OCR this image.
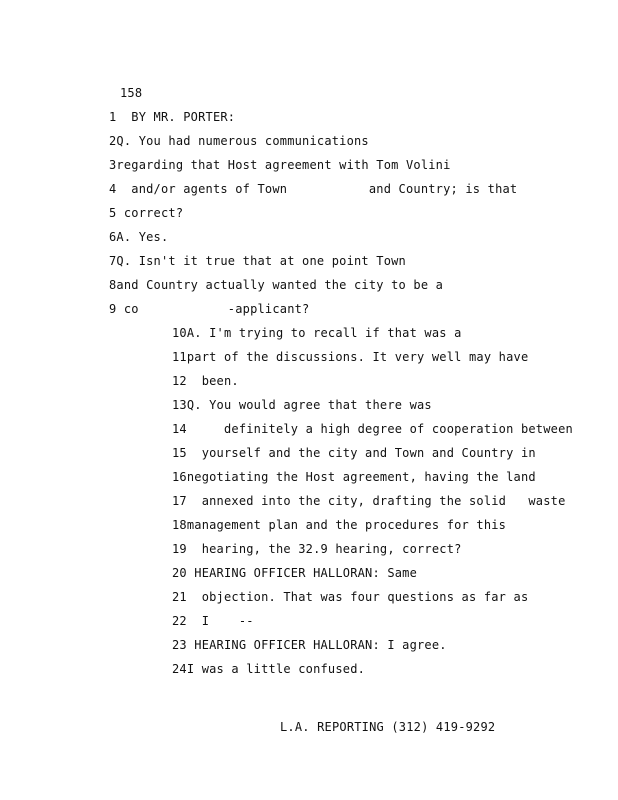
158
1  BY MR. PORTER:
2Q. You had numerous communications
3regarding that Host agreement with Tom Volini
4  and/or agents of Town           and Country; is that
5 correct?
6A. Yes.
7Q. Isn't it true that at one point Town
8and Country actually wanted the city to be a
9 co            -applicant?
10A. I'm trying to recall if that was a
11part of the discussions. It very well may have
12  been.
13Q. You would agree that there was
14     definitely a high degree of cooperation between
15  yourself and the city and Town and Country in
16negotiating the Host agreement, having the land
17  annexed into the city, drafting the solid   waste
18management plan and the procedures for this
19  hearing, the 32.9 hearing, correct?
20 HEARING OFFICER HALLORAN: Same
21  objection. That was four questions as far as
22  I    --
23 HEARING OFFICER HALLORAN: I agree.
24I was a little confused.
L.A. REPORTING (312) 419-9292
